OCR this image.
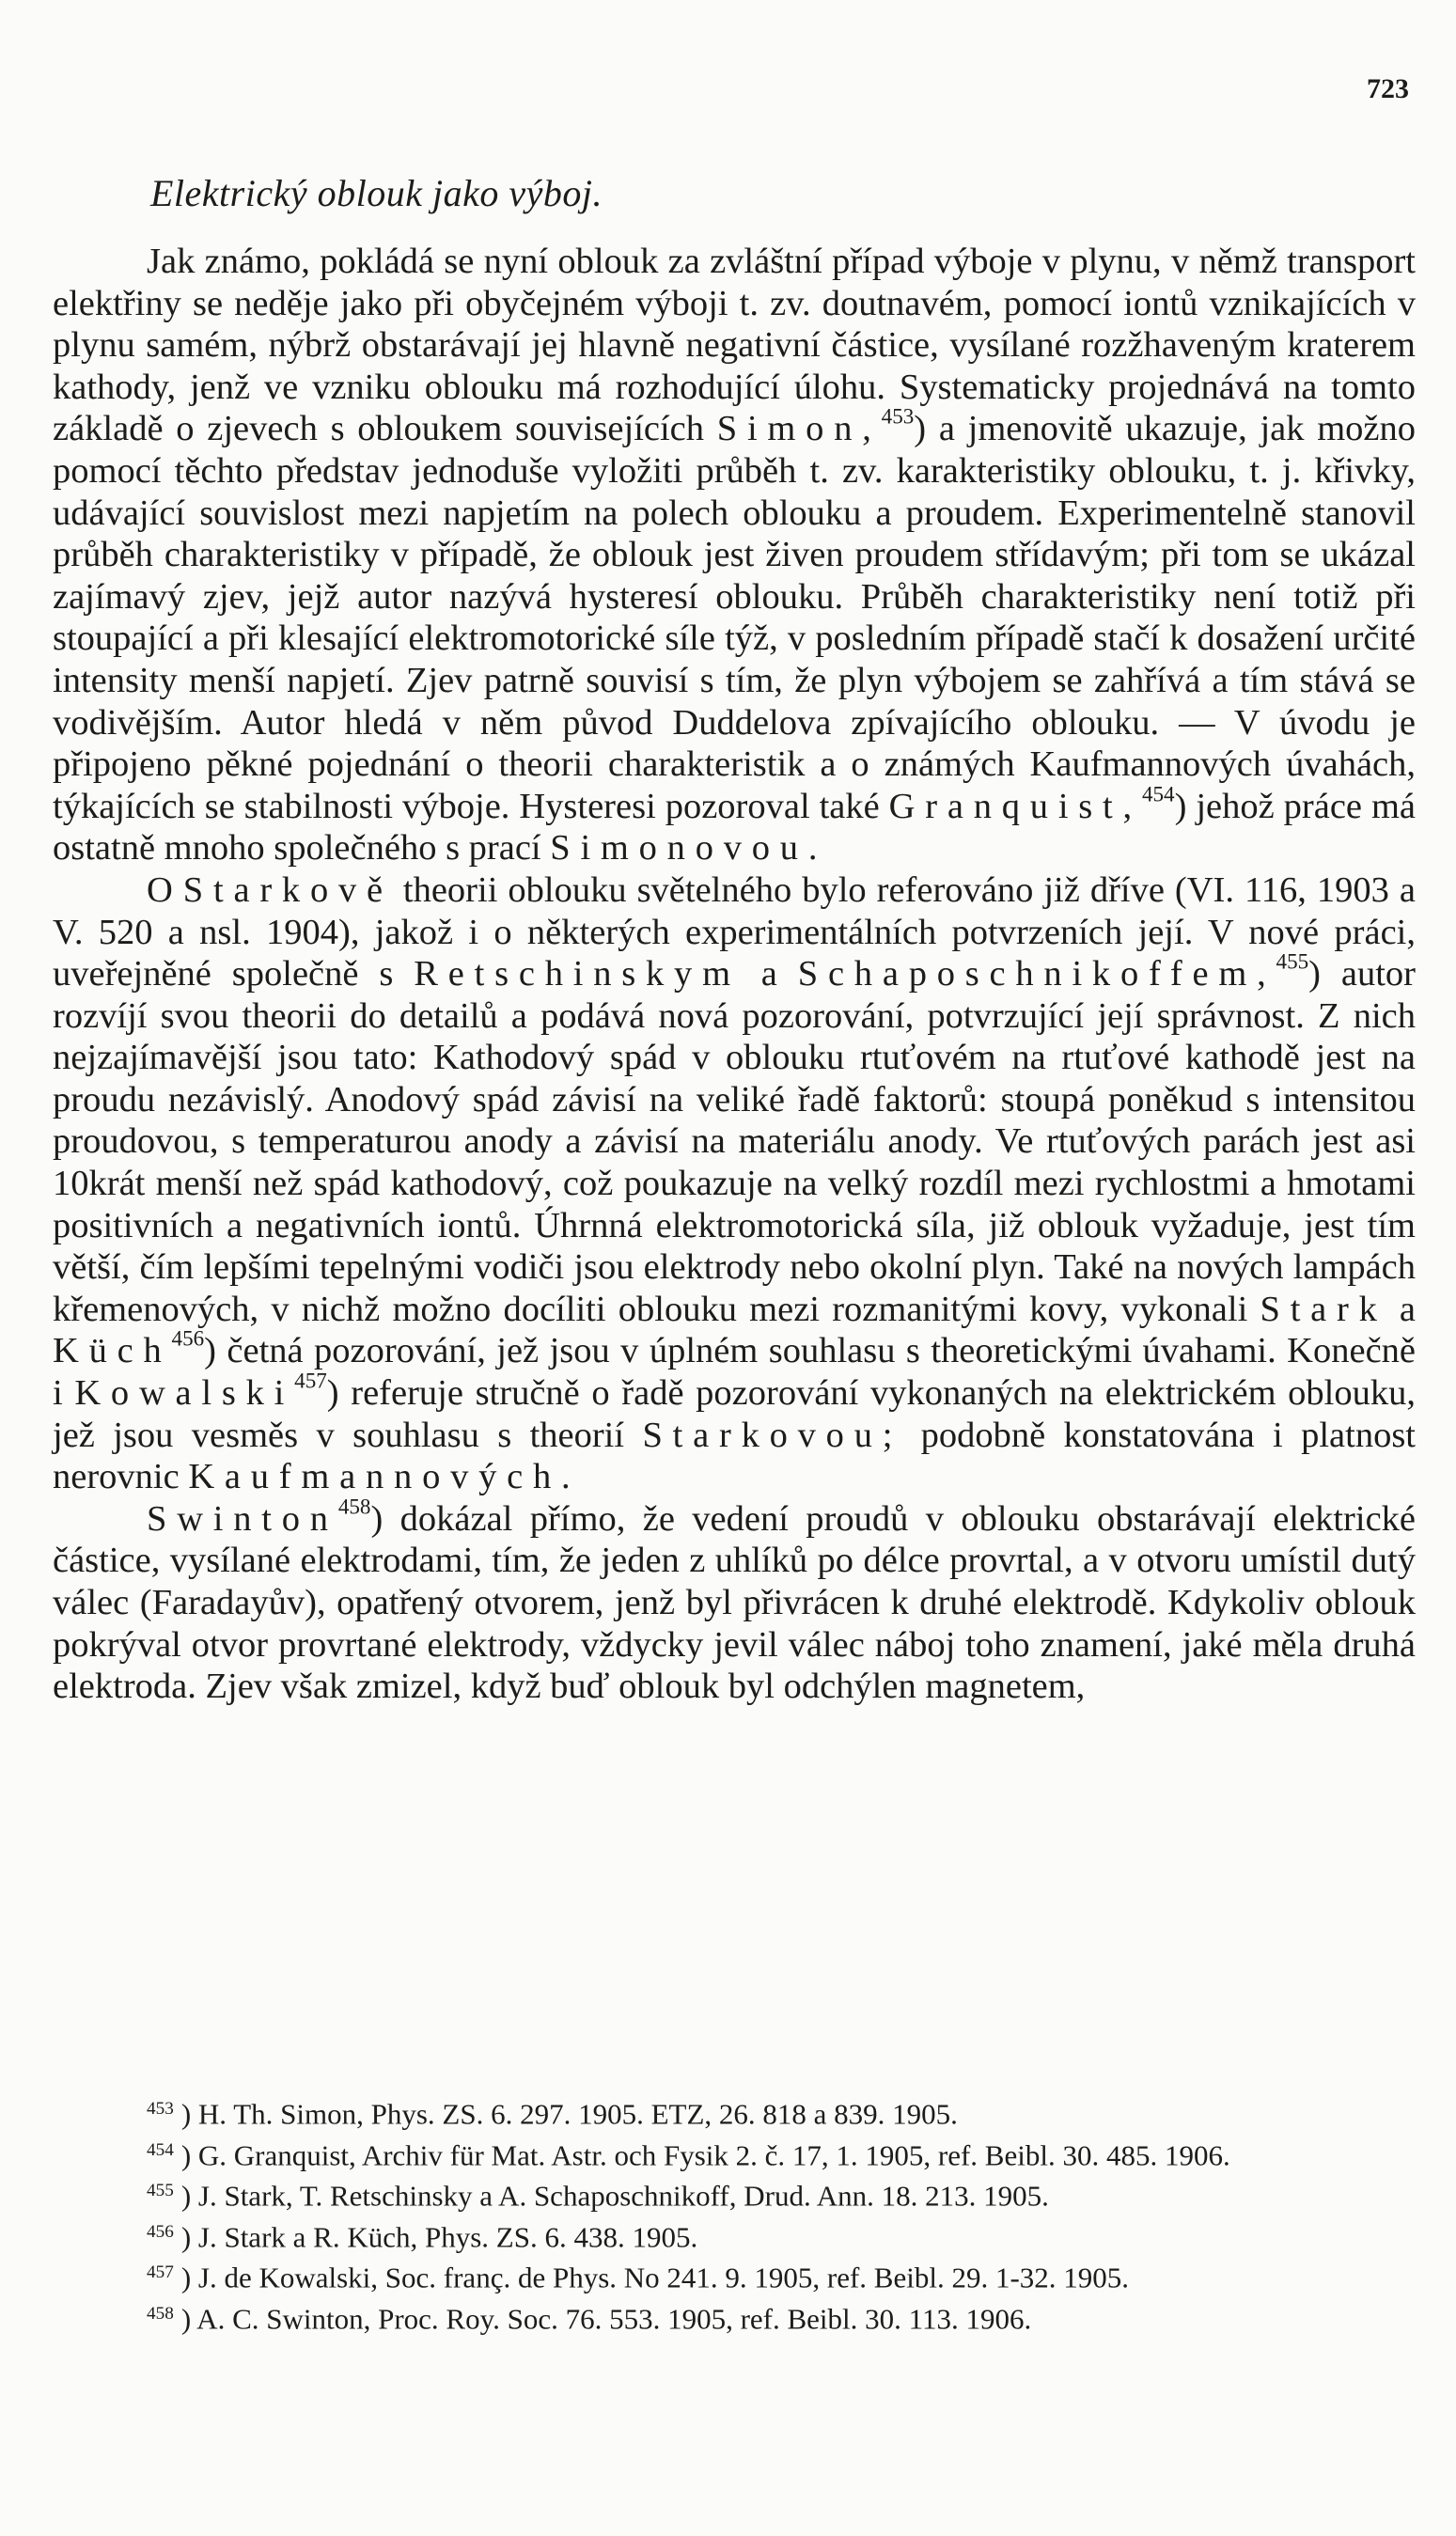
723
Elektrický oblouk jako výboj.

Jak známo, pokládá se nyní oblouk za zvláštní případ výboje v plynu, v němž transport elektřiny se neděje jako při obyčejném výboji t. zv. doutnavém, pomocí iontů vznikajících v plynu samém, nýbrž obstarávají jej hlavně negativní částice, vysílané rozžhaveným kraterem kathody, jenž ve vzniku oblouku má rozhodující úlohu. Systematicky projednává na tomto základě o zjevech s obloukem souvisejících Simon,$^{453}$) a jmenovitě ukazuje, jak možno pomocí těchto představ jednoduše vyložiti průběh t. zv. karakteristiky oblouku, t. j. křivky, udávající souvislost mezi napjetím na polech oblouku a proudem. Experimentelně stanovil průběh charakteristiky v případě, že oblouk jest živen proudem střídavým; při tom se ukázal zajímavý zjev, jejž autor nazývá hysteresí oblouku. Průběh charakteristiky není totiž při stoupající a při klesající elektromotorické síle týž, v posledním případě stačí k dosažení určité intensity menší napjetí. Zjev patrně souvisí s tím, že plyn výbojem se zahřívá a tím stává se vodivějším. Autor hledá v něm původ Duddelova zpívajícího oblouku. — V úvodu je připojeno pěkné pojednání o theorii charakteristik a o známých Kaufmannových úvahách, týkajících se stabilnosti výboje. Hysteresi pozoroval také Granquist,$^{454}$) jehož práce má ostatně mnoho společného s prací Simonovou.

O Starkově theorii oblouku světelného bylo referováno již dříve (VI. 116, 1903 a V. 520 a nsl. 1904), jakož i o některých experimentálních potvrzeních její. V nové práci, uveřejněné společně s Retschinskym a Schaposchnikoffem,$^{455}$) autor rozvíjí svou theorii do detailů a podává nová pozorování, potvrzující její správnost. Z nich nejzajímavější jsou tato: Kathodový spád v oblouku rtuťovém na rtuťové kathodě jest na proudu nezávislý. Anodový spád závisí na veliké řadě faktorů: stoupá poněkud s intensitou proudovou, s temperaturou anody a závisí na materiálu anody. Ve rtuťových parách jest asi 10krát menší než spád kathodový, což poukazuje na velký rozdíl mezi rychlostmi a hmotami positivních a negativních iontů. Úhrnná elektromotorická síla, již oblouk vyžaduje, jest tím větší, čím lepšími tepelnými vodiči jsou elektrody nebo okolní plyn. Také na nových lampách křemenových, v nichž možno docíliti oblouku mezi rozmanitými kovy, vykonali Stark a Küch$^{456}$) četná pozorování, jež jsou v úplném souhlasu s theoretickými úvahami. Konečně i Kowalski$^{457}$) referuje stručně o řadě pozorování vykonaných na elektrickém oblouku, jež jsou vesměs v souhlasu s theorií Starkovou; podobně konstatována i platnost nerovnic Kaufmannových.

Swinton$^{458}$) dokázal přímo, že vedení proudů v oblouku obstarávají elektrické částice, vysílané elektrodami, tím, že jeden z uhlíků po délce provrtal, a v otvoru umístil dutý válec (Faradayův), opatřený otvorem, jenž byl přivrácen k druhé elektrodě. Kdykoliv oblouk pokrýval otvor provrtané elektrody, vždycky jevil válec náboj toho znamení, jaké měla druhá elektroda. Zjev však zmizel, když buď oblouk byl odchýlen magnetem,

$^{453}$ ) H. Th. Simon, Phys. ZS. 6. 297. 1905. ETZ, 26. 818 a 839. 1905.
$^{454}$ ) G. Granquist, Archiv für Mat. Astr. och Fysik 2. č. 17, 1. 1905, ref. Beibl. 30. 485. 1906.
$^{455}$ ) J. Stark, T. Retschinsky a A. Schaposchnikoff, Drud. Ann. 18. 213. 1905.
$^{456}$ ) J. Stark a R. Küch, Phys. ZS. 6. 438. 1905.
$^{457}$ ) J. de Kowalski, Soc. franç. de Phys. No 241. 9. 1905, ref. Beibl. 29. 1-32. 1905.
$^{458}$ ) A. C. Swinton, Proc. Roy. Soc. 76. 553. 1905, ref. Beibl. 30. 113. 1906.
